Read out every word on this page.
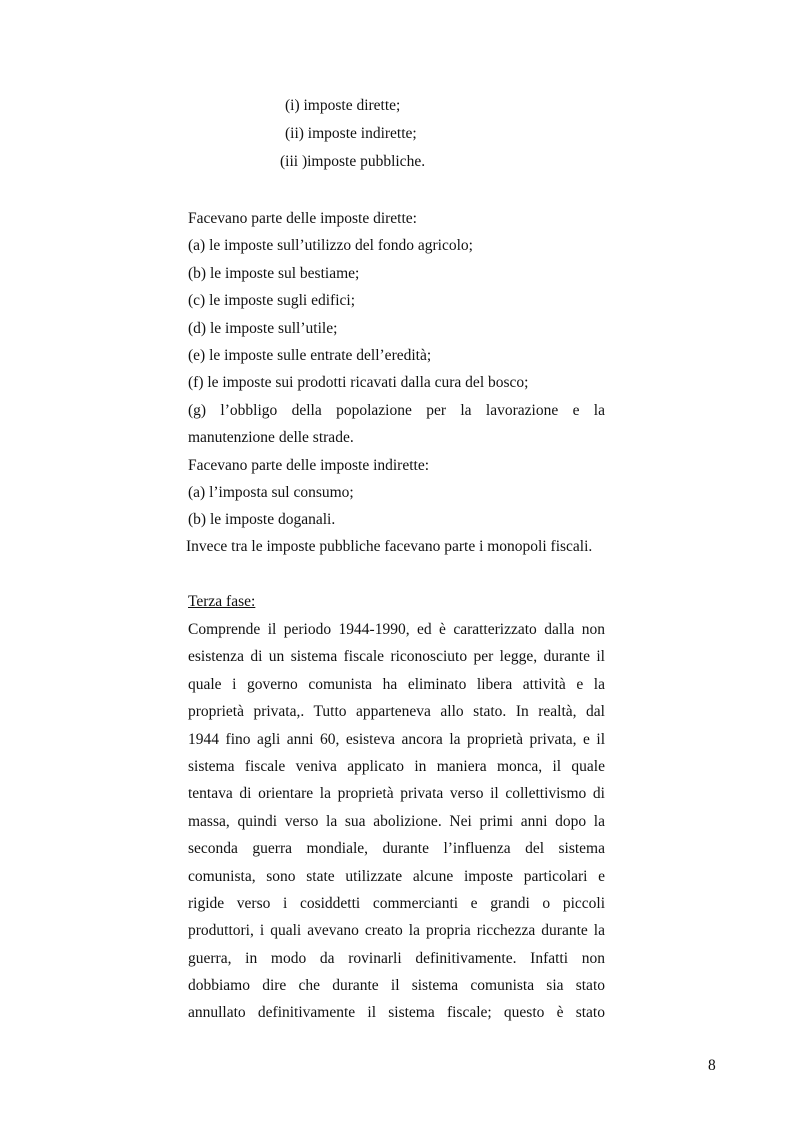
(i) imposte dirette;
(ii) imposte indirette;
(iii )imposte pubbliche.
Facevano parte delle imposte dirette:
(a) le imposte sull’utilizzo del fondo agricolo;
(b) le imposte sul bestiame;
(c) le imposte sugli edifici;
(d) le imposte sull’utile;
(e) le imposte sulle entrate dell’eredità;
(f) le imposte sui prodotti ricavati dalla cura del bosco;
(g) l’obbligo della popolazione per la lavorazione e la
manutenzione delle strade.
Facevano parte delle imposte indirette:
(a) l’imposta sul consumo;
(b) le imposte doganali.
Invece tra le imposte pubbliche facevano parte i monopoli fiscali.
Terza fase:
Comprende il periodo 1944-1990, ed è caratterizzato dalla non
esistenza di un sistema fiscale riconosciuto per legge, durante il
quale i governo comunista ha eliminato libera attività e la
proprietà privata,. Tutto apparteneva allo stato. In realtà, dal
1944 fino agli anni 60, esisteva ancora la proprietà privata, e il
sistema fiscale veniva applicato in maniera monca, il quale
tentava di orientare la proprietà privata verso il collettivismo di
massa, quindi verso la sua abolizione. Nei primi anni dopo la
seconda guerra mondiale, durante l’influenza del sistema
comunista, sono state utilizzate alcune imposte particolari e
rigide verso i cosiddetti commercianti e grandi o piccoli
produttori, i quali avevano creato la propria ricchezza durante la
guerra, in modo da rovinarli definitivamente. Infatti non
dobbiamo dire che durante il sistema comunista sia stato
annullato definitivamente il sistema fiscale; questo è stato
8
